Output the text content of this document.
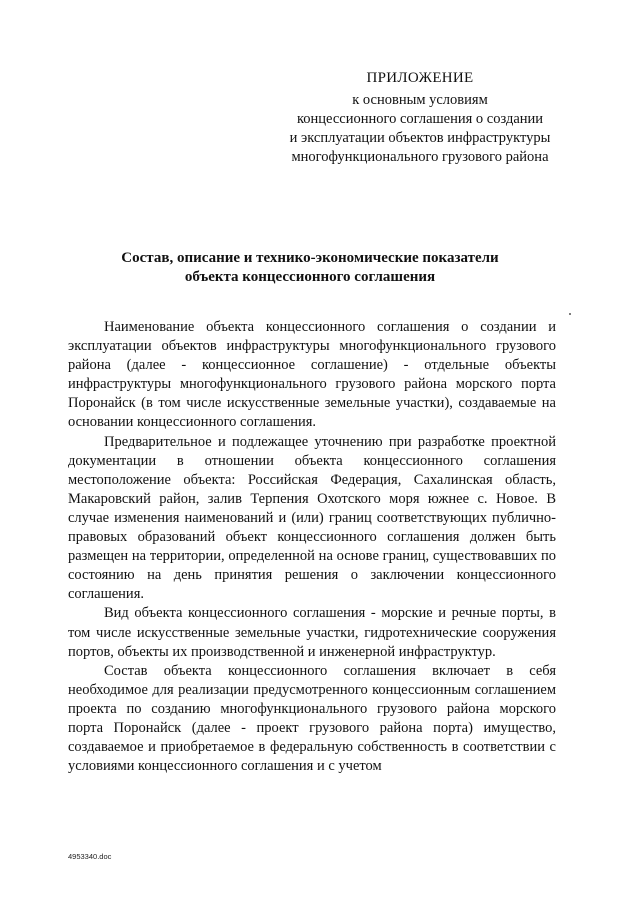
ПРИЛОЖЕНИЕ
к основным условиям
концессионного соглашения о создании
и эксплуатации объектов инфраструктуры
многофункционального грузового района
Состав, описание и технико-экономические показатели
объекта концессионного соглашения

Наименование объекта концессионного соглашения о создании и эксплуатации объектов инфраструктуры многофункционального грузового района (далее - концессионное соглашение) - отдельные объекты инфраструктуры многофункционального грузового района морского порта Поронайск (в том числе искусственные земельные участки), создаваемые на основании концессионного соглашения.

Предварительное и подлежащее уточнению при разработке проектной документации в отношении объекта концессионного соглашения местоположение объекта: Российская Федерация, Сахалинская область, Макаровский район, залив Терпения Охотского моря южнее с. Новое. В случае изменения наименований и (или) границ соответствующих публично-правовых образований объект концессионного соглашения должен быть размещен на территории, определенной на основе границ, существовавших по состоянию на день принятия решения о заключении концессионного соглашения.

Вид объекта концессионного соглашения - морские и речные порты, в том числе искусственные земельные участки, гидротехнические сооружения портов, объекты их производственной и инженерной инфраструктур.

Состав объекта концессионного соглашения включает в себя необходимое для реализации предусмотренного концессионным соглашением проекта по созданию многофункционального грузового района морского порта Поронайск (далее - проект грузового района порта) имущество, создаваемое и приобретаемое в федеральную собственность в соответствии с условиями концессионного соглашения и с учетом

4953340.doc
